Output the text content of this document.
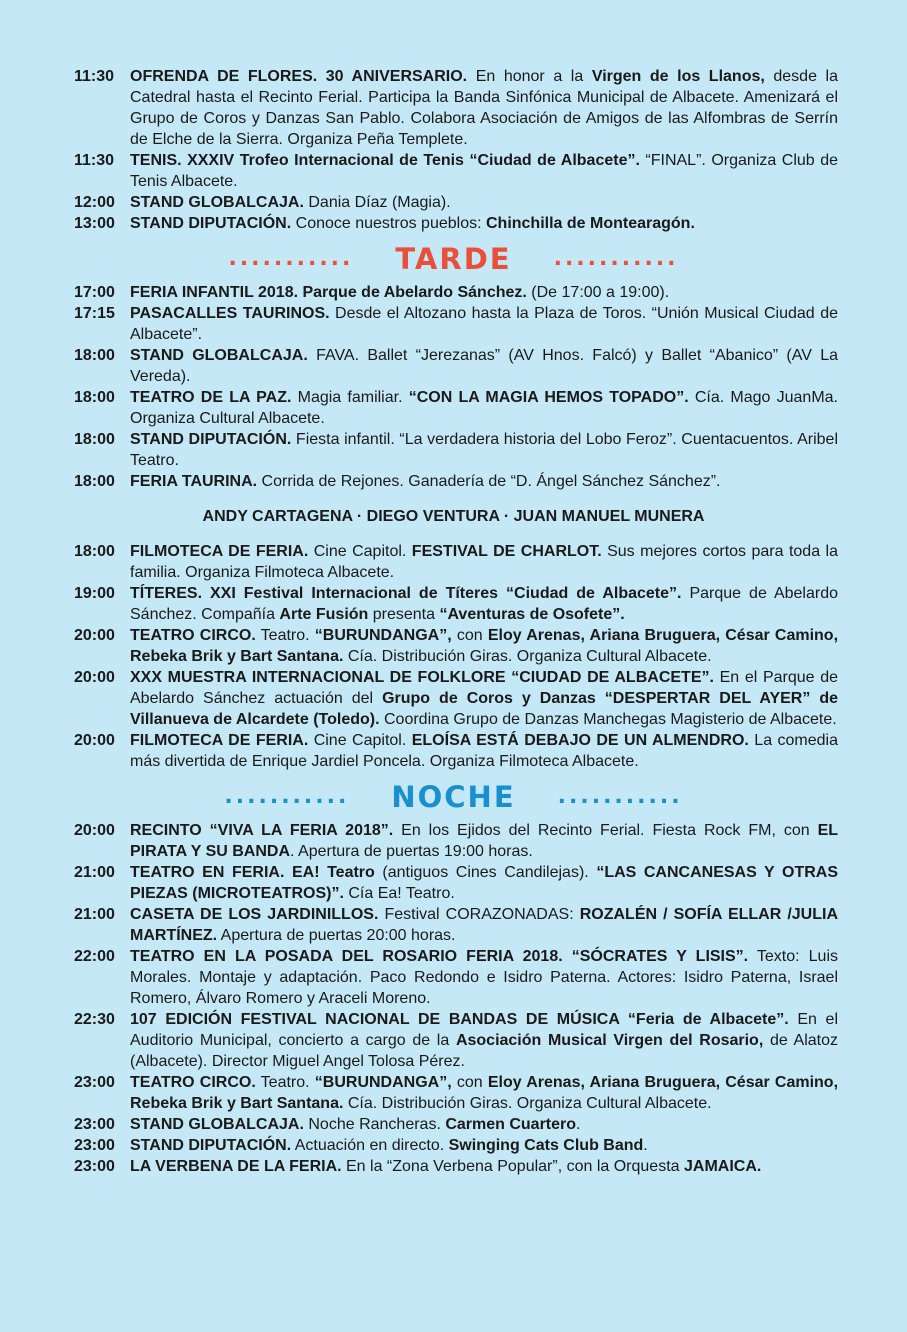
11:30 OFRENDA DE FLORES. 30 ANIVERSARIO. En honor a la Virgen de los Llanos, desde la Catedral hasta el Recinto Ferial. Participa la Banda Sinfónica Municipal de Albacete. Amenizará el Grupo de Coros y Danzas San Pablo. Colabora Asociación de Amigos de las Alfombras de Serrín de Elche de la Sierra. Organiza Peña Templete.
11:30 TENIS. XXXIV Trofeo Internacional de Tenis “Ciudad de Albacete”. “FINAL”. Organiza Club de Tenis Albacete.
12:00 STAND GLOBALCAJA. Dania Díaz (Magia).
13:00 STAND DIPUTACIÓN. Conoce nuestros pueblos: Chinchilla de Montearagón.
........... TARDE ...........
17:00 FERIA INFANTIL 2018. Parque de Abelardo Sánchez. (De 17:00 a 19:00).
17:15 PASACALLES TAURINOS. Desde el Altozano hasta la Plaza de Toros. “Unión Musical Ciudad de Albacete”.
18:00 STAND GLOBALCAJA. FAVA. Ballet “Jerezanas” (AV Hnos. Falcó) y Ballet “Abanico” (AV La Vereda).
18:00 TEATRO DE LA PAZ. Magia familiar. “CON LA MAGIA HEMOS TOPADO”. Cía. Mago JuanMa. Organiza Cultural Albacete.
18:00 STAND DIPUTACIÓN. Fiesta infantil. “La verdadera historia del Lobo Feroz”. Cuentacuentos. Aribel Teatro.
18:00 FERIA TAURINA. Corrida de Rejones. Ganadería de “D. Ángel Sánchez Sánchez”.
ANDY CARTAGENA · DIEGO VENTURA · JUAN MANUEL MUNERA
18:00 FILMOTECA DE FERIA. Cine Capitol. FESTIVAL DE CHARLOT. Sus mejores cortos para toda la familia. Organiza Filmoteca Albacete.
19:00 TÍTERES. XXI Festival Internacional de Títeres “Ciudad de Albacete”. Parque de Abelardo Sánchez. Compañía Arte Fusión presenta “Aventuras de Osofete”.
20:00 TEATRO CIRCO. Teatro. “BURUNDANGA”, con Eloy Arenas, Ariana Bruguera, César Camino, Rebeka Brik y Bart Santana. Cía. Distribución Giras. Organiza Cultural Albacete.
20:00 XXX MUESTRA INTERNACIONAL DE FOLKLORE “CIUDAD DE ALBACETE”. En el Parque de Abelardo Sánchez actuación del Grupo de Coros y Danzas “DESPERTAR DEL AYER” de Villanueva de Alcardete (Toledo). Coordina Grupo de Danzas Manchegas Magisterio de Albacete.
20:00 FILMOTECA DE FERIA. Cine Capitol. ELOÍSA ESTÁ DEBAJO DE UN ALMENDRO. La comedia más divertida de Enrique Jardiel Poncela. Organiza Filmoteca Albacete.
........... NOCHE ...........
20:00 RECINTO “VIVA LA FERIA 2018”. En los Ejidos del Recinto Ferial. Fiesta Rock FM, con EL PIRATA Y SU BANDA. Apertura de puertas 19:00 horas.
21:00 TEATRO EN FERIA. EA! Teatro (antiguos Cines Candilejas). “LAS CANCANESAS Y OTRAS PIEZAS (MICROTEATROS)”. Cía Ea! Teatro.
21:00 CASETA DE LOS JARDINILLOS. Festival CORAZONADAS: ROZALÉN / SOFÍA ELLAR /JULIA MARTÍNEZ. Apertura de puertas 20:00 horas.
22:00 TEATRO EN LA POSADA DEL ROSARIO FERIA 2018. “SÓCRATES Y LISIS”. Texto: Luis Morales. Montaje y adaptación. Paco Redondo e Isidro Paterna. Actores: Isidro Paterna, Israel Romero, Álvaro Romero y Araceli Moreno.
22:30 107 EDICIÓN FESTIVAL NACIONAL DE BANDAS DE MÚSICA “Feria de Albacete”. En el Auditorio Municipal, concierto a cargo de la Asociación Musical Virgen del Rosario, de Alatoz (Albacete). Director Miguel Angel Tolosa Pérez.
23:00 TEATRO CIRCO. Teatro. “BURUNDANGA”, con Eloy Arenas, Ariana Bruguera, César Camino, Rebeka Brik y Bart Santana. Cía. Distribución Giras. Organiza Cultural Albacete.
23:00 STAND GLOBALCAJA. Noche Rancheras. Carmen Cuartero.
23:00 STAND DIPUTACIÓN. Actuación en directo. Swinging Cats Club Band.
23:00 LA VERBENA DE LA FERIA. En la “Zona Verbena Popular”, con la Orquesta JAMAICA.
